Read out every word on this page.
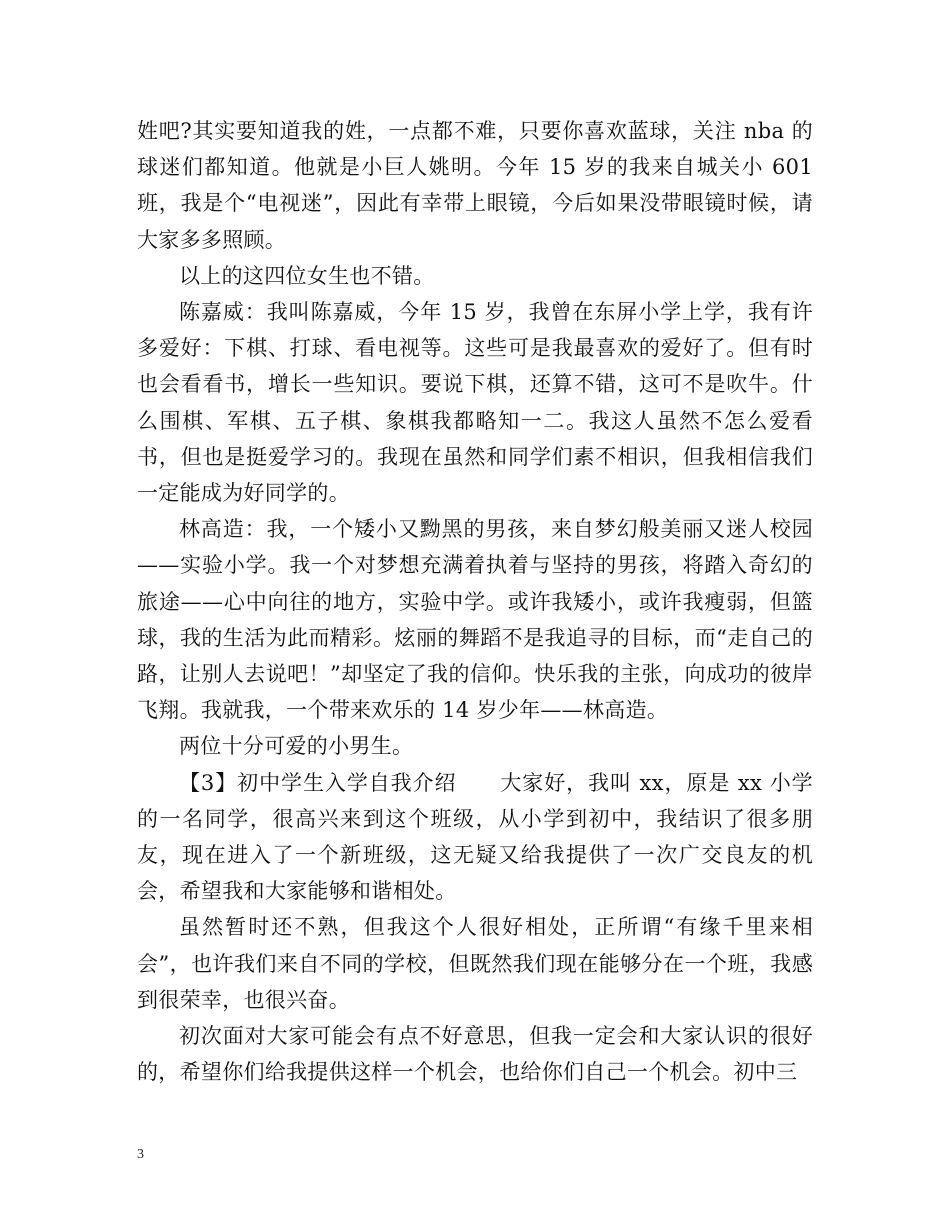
姓吧?其实要知道我的姓，一点都不难，只要你喜欢蓝球，关注 nba 的球迷们都知道。他就是小巨人姚明。今年 15 岁的我来自城关小 601 班，我是个“电视迷”，因此有幸带上眼镜，今后如果没带眼镜时候，请大家多多照顾。

以上的这四位女生也不错。

陈嘉威：我叫陈嘉威，今年 15 岁，我曾在东屏小学上学，我有许多爱好：下棋、打球、看电视等。这些可是我最喜欢的爱好了。但有时也会看看书，增长一些知识。要说下棋，还算不错，这可不是吹牛。什么围棋、军棋、五子棋、象棋我都略知一二。我这人虽然不怎么爱看书，但也是挺爱学习的。我现在虽然和同学们素不相识，但我相信我们一定能成为好同学的。

林高造：我，一个矮小又黝黑的男孩，来自梦幻般美丽又迷人校园——实验小学。我一个对梦想充满着执着与坚持的男孩，将踏入奇幻的旅途——心中向往的地方，实验中学。或许我矮小，或许我瘦弱，但篮球，我的生活为此而精彩。炫丽的舞蹈不是我追寻的目标，而“走自己的路，让别人去说吧！”却坚定了我的信仰。快乐我的主张，向成功的彼岸飞翔。我就我，一个带来欢乐的 14 岁少年——林高造。

两位十分可爱的小男生。

【3】初中学生入学自我介绍　　大家好，我叫 xx，原是 xx 小学的一名同学，很高兴来到这个班级，从小学到初中，我结识了很多朋友，现在进入了一个新班级，这无疑又给我提供了一次广交良友的机会，希望我和大家能够和谐相处。

虽然暂时还不熟，但我这个人很好相处，正所谓“有缘千里来相会”，也许我们来自不同的学校，但既然我们现在能够分在一个班，我感到很荣幸，也很兴奋。

初次面对大家可能会有点不好意思，但我一定会和大家认识的很好的，希望你们给我提供这样一个机会，也给你们自己一个机会。初中三

3
